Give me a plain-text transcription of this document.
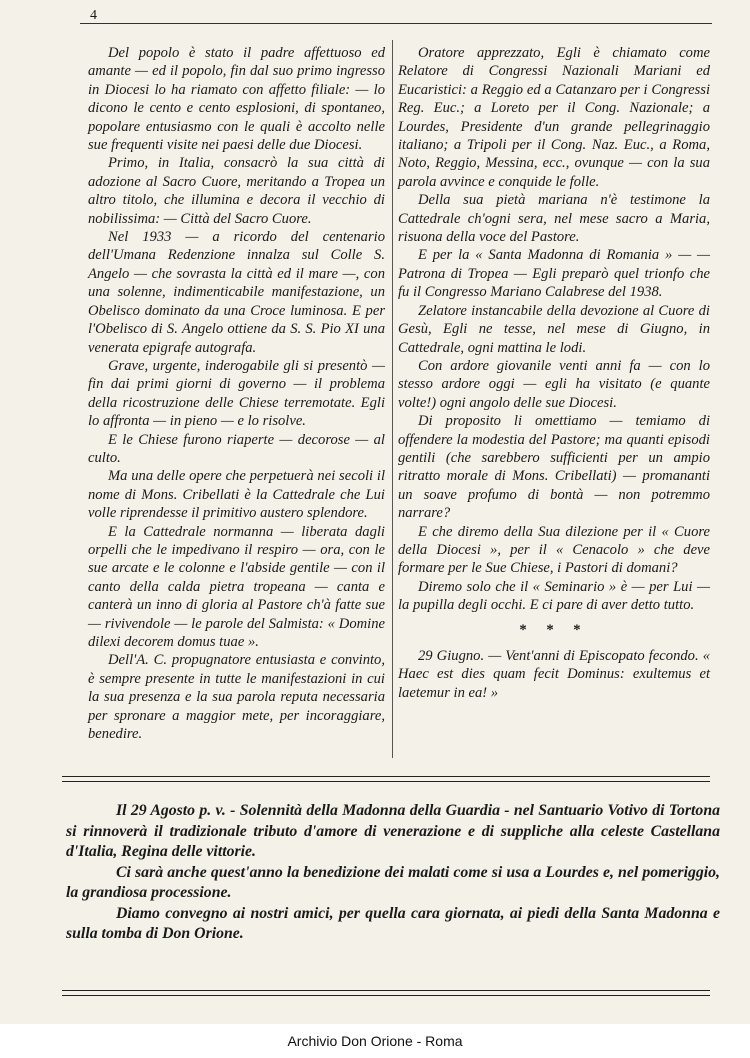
4

Del popolo è stato il padre affettuoso ed amante — ed il popolo, fin dal suo primo ingresso in Diocesi lo ha riamato con affetto filiale: — lo dicono le cento e cento esplosioni, di spontaneo, popolare entusiasmo con le quali è accolto nelle sue frequenti visite nei paesi delle due Diocesi.

Primo, in Italia, consacrò la sua città di adozione al Sacro Cuore, meritando a Tropea un altro titolo, che illumina e decora il vecchio di nobilissima: — Città del Sacro Cuore.

Nel 1933 — a ricordo del centenario dell'Umana Redenzione innalza sul Colle S. Angelo — che sovrasta la città ed il mare —, con una solenne, indimenticabile manifestazione, un Obelisco dominato da una Croce luminosa. E per l'Obelisco di S. Angelo ottiene da S. S. Pio XI una venerata epigrafe autografa.

Grave, urgente, inderogabile gli si presentò — fin dai primi giorni di governo — il problema della ricostruzione delle Chiese terremotate. Egli lo affronta — in pieno — e lo risolve.

E le Chiese furono riaperte — decorose — al culto.

Ma una delle opere che perpetuerà nei secoli il nome di Mons. Cribellati è la Cattedrale che Lui volle riprendesse il primitivo austero splendore.

E la Cattedrale normanna — liberata dagli orpelli che le impedivano il respiro — ora, con le sue arcate e le colonne e l'abside gentile — con il canto della calda pietra tropeana — canta e canterà un inno di gloria al Pastore ch'à fatte sue — rivivendole — le parole del Salmista: « Domine dilexi decorem domus tuae ».

Dell'A. C. propugnatore entusiasta e convinto, è sempre presente in tutte le manifestazioni in cui la sua presenza e la sua parola reputa necessaria per spronare a maggior mete, per incoraggiare, benedire.

Oratore apprezzato, Egli è chiamato come Relatore di Congressi Nazionali Mariani ed Eucaristici: a Reggio ed a Catanzaro per i Congressi Reg. Euc.; a Loreto per il Cong. Nazionale; a Lourdes, Presidente d'un grande pellegrinaggio italiano; a Tripoli per il Cong. Naz. Euc., a Roma, Noto, Reggio, Messina, ecc., ovunque — con la sua parola avvince e conquide le folle.

Della sua pietà mariana n'è testimone la Cattedrale ch'ogni sera, nel mese sacro a Maria, risuona della voce del Pastore.

E per la « Santa Madonna di Romania » — — Patrona di Tropea — Egli preparò quel trionfo che fu il Congresso Mariano Calabrese del 1938.

Zelatore instancabile della devozione al Cuore di Gesù, Egli ne tesse, nel mese di Giugno, in Cattedrale, ogni mattina le lodi.

Con ardore giovanile venti anni fa — con lo stesso ardore oggi — egli ha visitato (e quante volte!) ogni angolo delle sue Diocesi.

Di proposito li omettiamo — temiamo di offendere la modestia del Pastore; ma quanti episodi gentili (che sarebbero sufficienti per un ampio ritratto morale di Mons. Cribellati) — promananti un soave profumo di bontà — non potremmo narrare?

E che diremo della Sua dilezione per il « Cuore della Diocesi », per il « Cenacolo » che deve formare per le Sue Chiese, i Pastori di domani?

Diremo solo che il « Seminario » è — per Lui — la pupilla degli occhi. E ci pare di aver detto tutto.

* * *

29 Giugno. — Vent'anni di Episcopato fecondo. « Haec est dies quam fecit Dominus: exultemus et laetemur in ea! »

Il 29 Agosto p. v. - Solennità della Madonna della Guardia - nel Santuario Votivo di Tortona si rinnoverà il tradizionale tributo d'amore di venerazione e di suppliche alla celeste Castellana d'Italia, Regina delle vittorie.

Ci sarà anche quest'anno la benedizione dei malati come si usa a Lourdes e, nel pomeriggio, la grandiosa processione.

Diamo convegno ai nostri amici, per quella cara giornata, ai piedi della Santa Madonna e sulla tomba di Don Orione.

Archivio Don Orione - Roma
